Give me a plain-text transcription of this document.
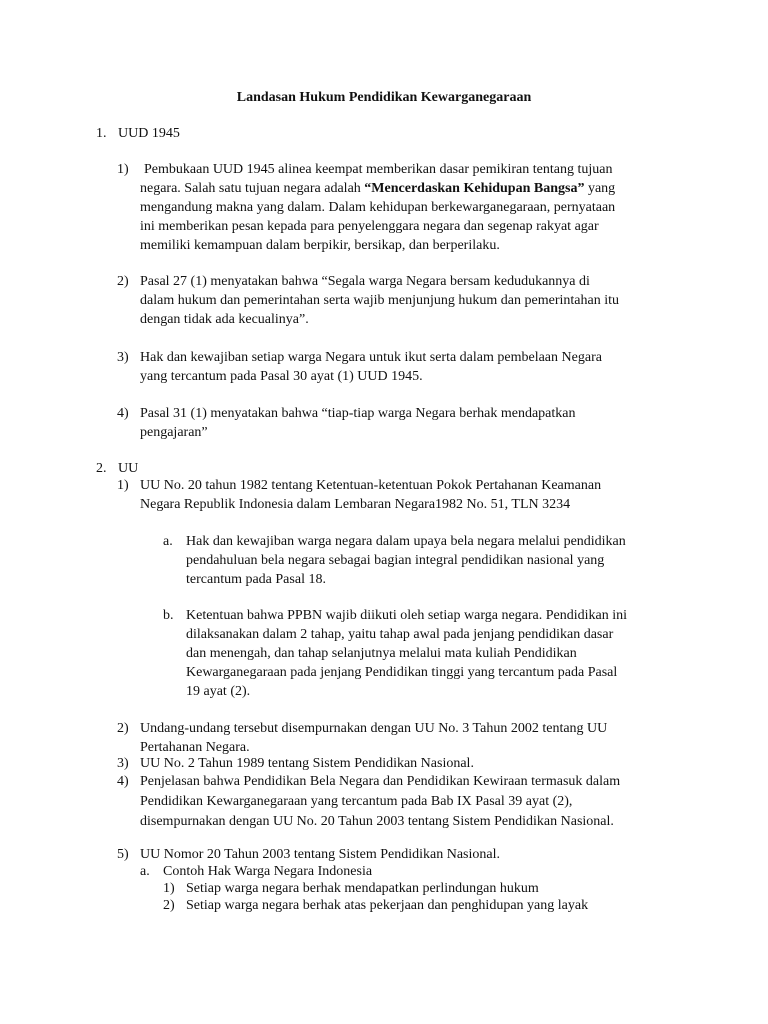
Landasan Hukum Pendidikan Kewarganegaraan
1. UUD 1945
1) Pembukaan UUD 1945 alinea keempat memberikan dasar pemikiran tentang tujuan
negara. Salah satu tujuan negara adalah “Mencerdaskan Kehidupan Bangsa” yang
mengandung makna yang dalam. Dalam kehidupan berkewarganegaraan, pernyataan
ini memberikan pesan kepada para penyelenggara negara dan segenap rakyat agar
memiliki kemampuan dalam berpikir, bersikap, dan berperilaku.
2) Pasal 27 (1) menyatakan bahwa “Segala warga Negara bersam kedudukannya di
dalam hukum dan pemerintahan serta wajib menjunjung hukum dan pemerintahan itu
dengan tidak ada kecualinya”.
3) Hak dan kewajiban setiap warga Negara untuk ikut serta dalam pembelaan Negara
yang tercantum pada Pasal 30 ayat (1) UUD 1945.
4) Pasal 31 (1) menyatakan bahwa “tiap-tiap warga Negara berhak mendapatkan
pengajaran”
2. UU
1) UU No. 20 tahun 1982 tentang Ketentuan-ketentuan Pokok Pertahanan Keamanan
Negara Republik Indonesia dalam Lembaran Negara1982 No. 51, TLN 3234
a. Hak dan kewajiban warga negara dalam upaya bela negara melalui pendidikan
pendahuluan bela negara sebagai bagian integral pendidikan nasional yang
tercantum pada Pasal 18.
b. Ketentuan bahwa PPBN wajib diikuti oleh setiap warga negara. Pendidikan ini
dilaksanakan dalam 2 tahap, yaitu tahap awal pada jenjang pendidikan dasar
dan menengah, dan tahap selanjutnya melalui mata kuliah Pendidikan
Kewarganegaraan pada jenjang Pendidikan tinggi yang tercantum pada Pasal
19 ayat (2).
2) Undang-undang tersebut disempurnakan dengan UU No. 3 Tahun 2002 tentang UU
Pertahanan Negara.
3) UU No. 2 Tahun 1989 tentang Sistem Pendidikan Nasional.
4) Penjelasan bahwa Pendidikan Bela Negara dan Pendidikan Kewiraan termasuk dalam
Pendidikan Kewarganegaraan yang tercantum pada Bab IX Pasal 39 ayat (2),
disempurnakan dengan UU No. 20 Tahun 2003 tentang Sistem Pendidikan Nasional.
5) UU Nomor 20 Tahun 2003 tentang Sistem Pendidikan Nasional.
a. Contoh Hak Warga Negara Indonesia
1) Setiap warga negara berhak mendapatkan perlindungan hukum
2) Setiap warga negara berhak atas pekerjaan dan penghidupan yang layak
